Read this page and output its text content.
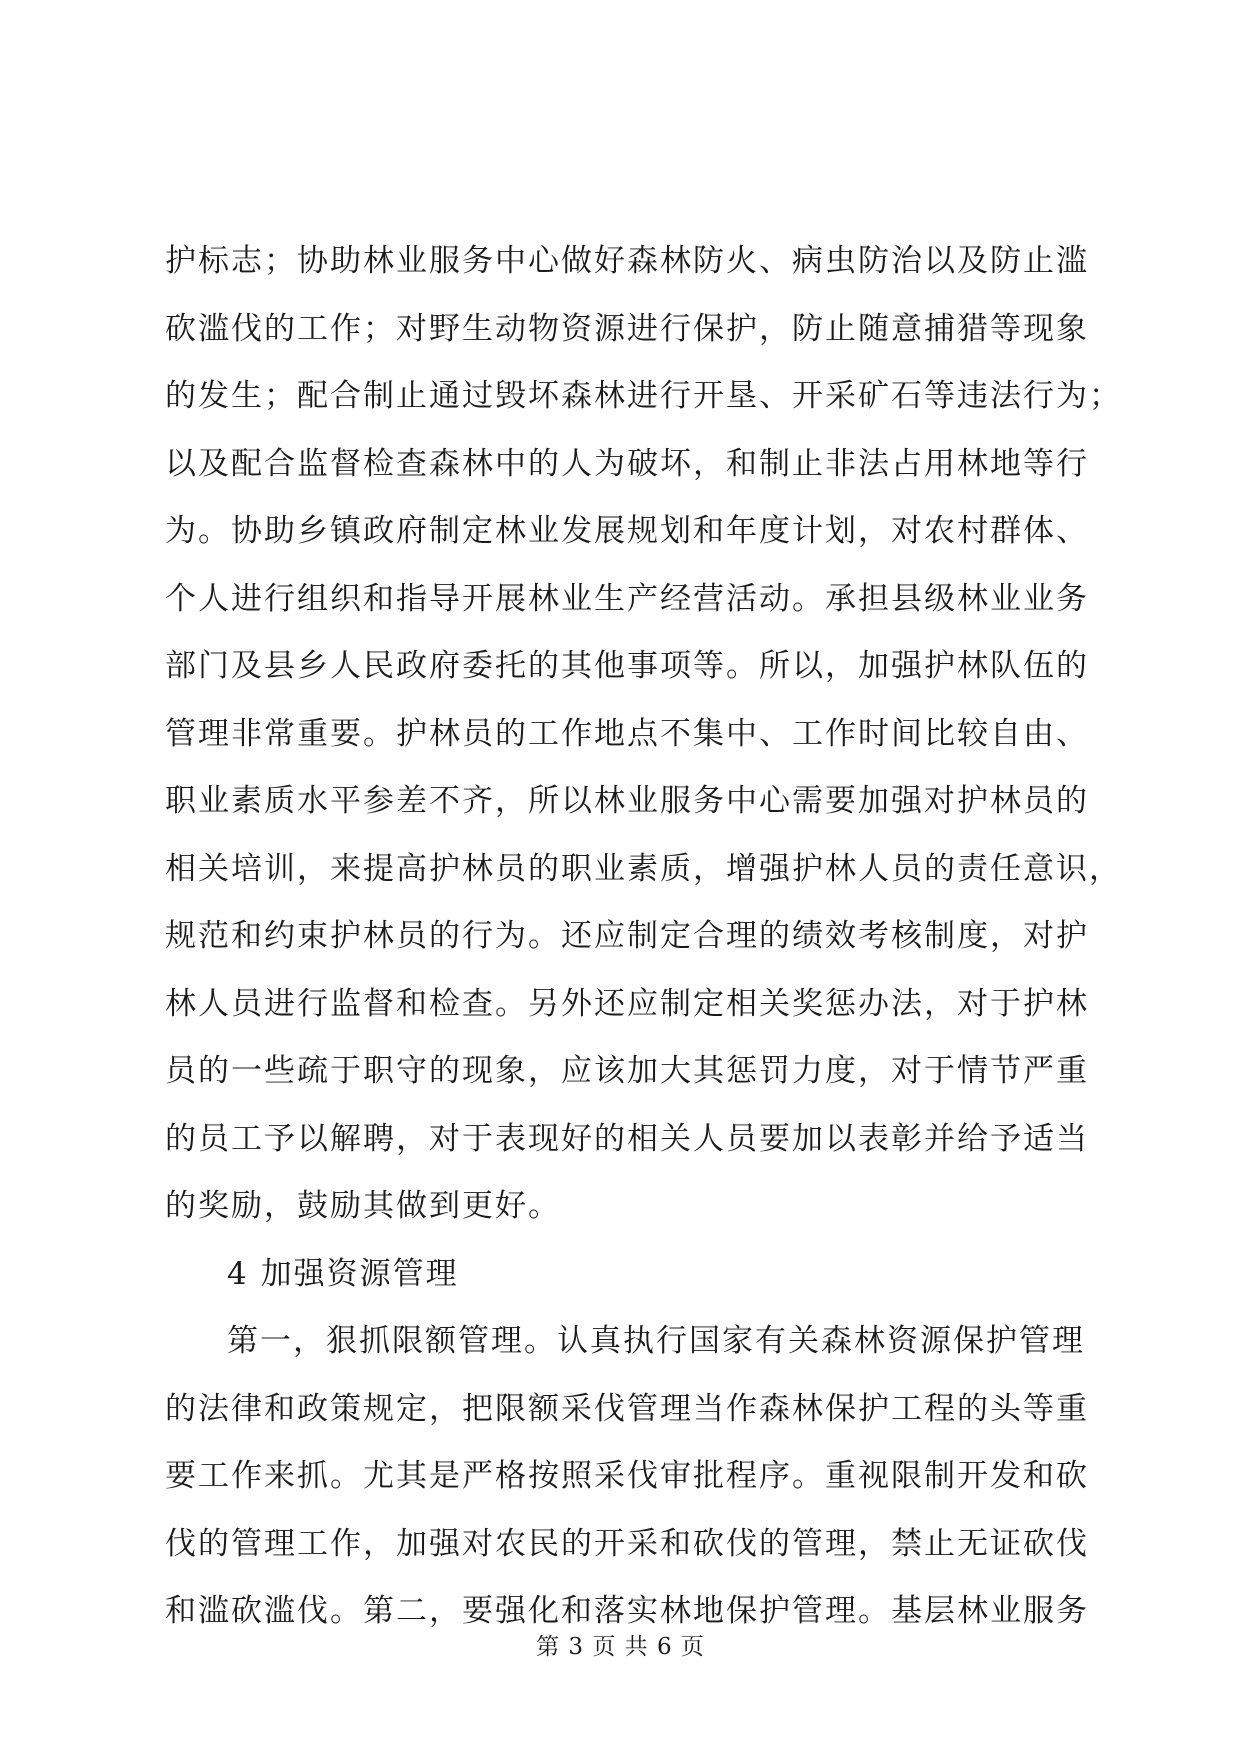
护标志；协助林业服务中心做好森林防火、病虫防治以及防止滥
砍滥伐的工作；对野生动物资源进行保护，防止随意捕猎等现象
的发生；配合制止通过毁坏森林进行开垦、开采矿石等违法行为；
以及配合监督检查森林中的人为破坏，和制止非法占用林地等行
为。协助乡镇政府制定林业发展规划和年度计划，对农村群体、
个人进行组织和指导开展林业生产经营活动。承担县级林业业务
部门及县乡人民政府委托的其他事项等。所以，加强护林队伍的
管理非常重要。护林员的工作地点不集中、工作时间比较自由、
职业素质水平参差不齐，所以林业服务中心需要加强对护林员的
相关培训，来提高护林员的职业素质，增强护林人员的责任意识，
规范和约束护林员的行为。还应制定合理的绩效考核制度，对护
林人员进行监督和检查。另外还应制定相关奖惩办法，对于护林
员的一些疏于职守的现象，应该加大其惩罚力度，对于情节严重
的员工予以解聘，对于表现好的相关人员要加以表彰并给予适当
的奖励，鼓励其做到更好。
4 加强资源管理
第一，狠抓限额管理。认真执行国家有关森林资源保护管理
的法律和政策规定，把限额采伐管理当作森林保护工程的头等重
要工作来抓。尤其是严格按照采伐审批程序。重视限制开发和砍
伐的管理工作，加强对农民的开采和砍伐的管理，禁止无证砍伐
和滥砍滥伐。第二，要强化和落实林地保护管理。基层林业服务
第 3 页 共 6 页
